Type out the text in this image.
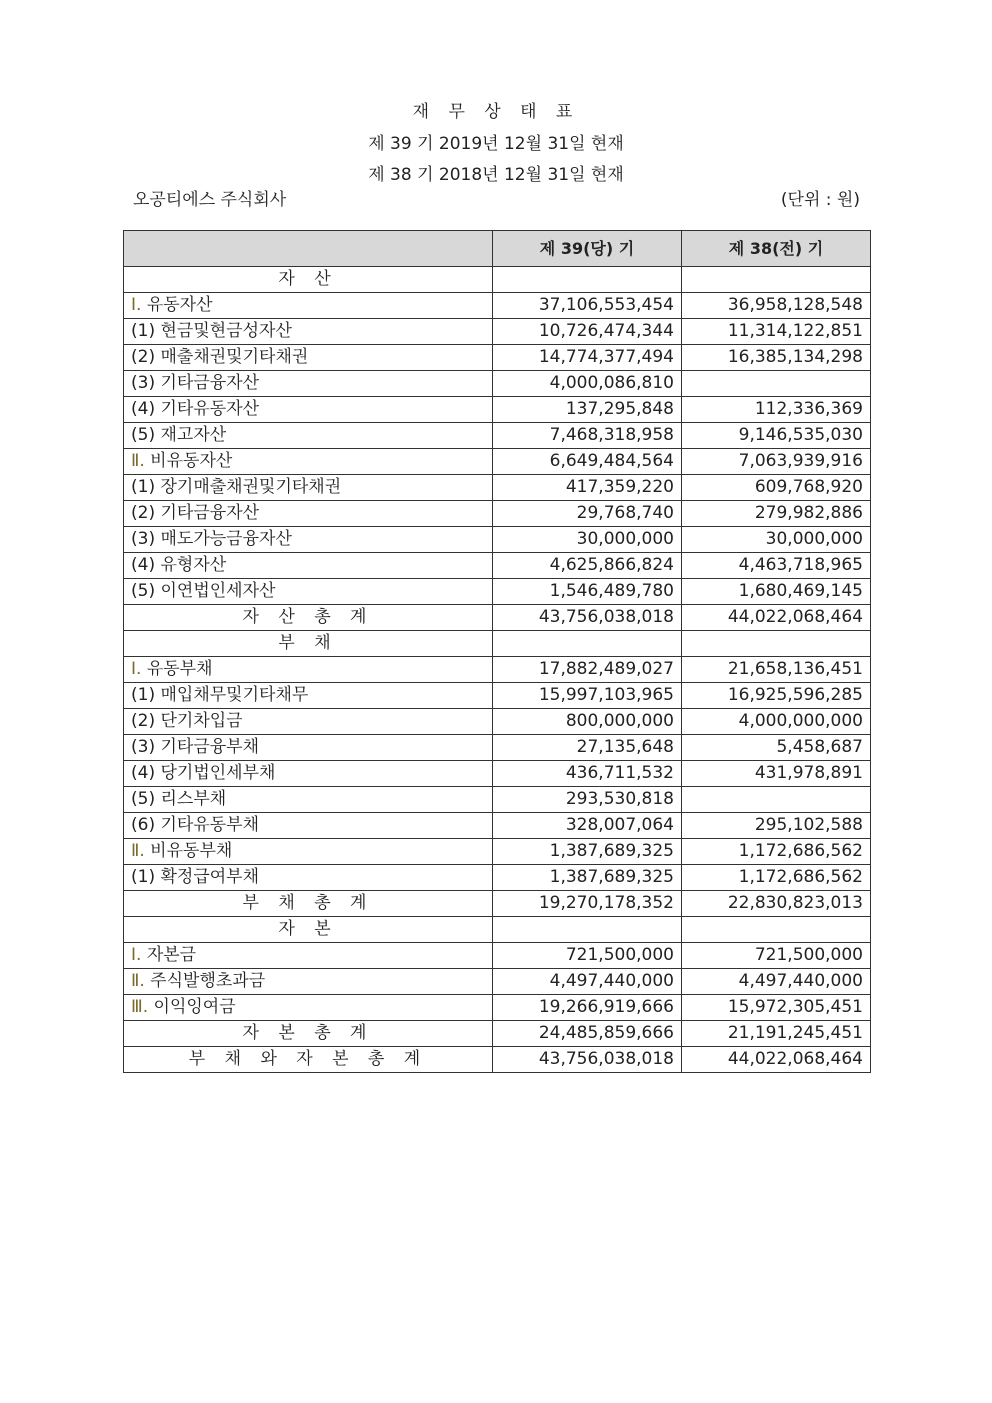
재 무 상 태 표
제 39 기 2019년 12월 31일 현재
제 38 기 2018년 12월 31일 현재
오공티에스 주식회사	(단위 : 원)
	제 39(당) 기	제 38(전) 기
자 산		
Ⅰ. 유동자산	37,106,553,454	36,958,128,548
(1) 현금및현금성자산	10,726,474,344	11,314,122,851
(2) 매출채권및기타채권	14,774,377,494	16,385,134,298
(3) 기타금융자산	4,000,086,810	
(4) 기타유동자산	137,295,848	112,336,369
(5) 재고자산	7,468,318,958	9,146,535,030
Ⅱ. 비유동자산	6,649,484,564	7,063,939,916
(1) 장기매출채권및기타채권	417,359,220	609,768,920
(2) 기타금융자산	29,768,740	279,982,886
(3) 매도가능금융자산	30,000,000	30,000,000
(4) 유형자산	4,625,866,824	4,463,718,965
(5) 이연법인세자산	1,546,489,780	1,680,469,145
자 산 총 계	43,756,038,018	44,022,068,464
부 채		
Ⅰ. 유동부채	17,882,489,027	21,658,136,451
(1) 매입채무및기타채무	15,997,103,965	16,925,596,285
(2) 단기차입금	800,000,000	4,000,000,000
(3) 기타금융부채	27,135,648	5,458,687
(4) 당기법인세부채	436,711,532	431,978,891
(5) 리스부채	293,530,818	
(6) 기타유동부채	328,007,064	295,102,588
Ⅱ. 비유동부채	1,387,689,325	1,172,686,562
(1) 확정급여부채	1,387,689,325	1,172,686,562
부 채 총 계	19,270,178,352	22,830,823,013
자 본		
Ⅰ. 자본금	721,500,000	721,500,000
Ⅱ. 주식발행초과금	4,497,440,000	4,497,440,000
Ⅲ. 이익잉여금	19,266,919,666	15,972,305,451
자 본 총 계	24,485,859,666	21,191,245,451
부 채 와 자 본 총 계	43,756,038,018	44,022,068,464
